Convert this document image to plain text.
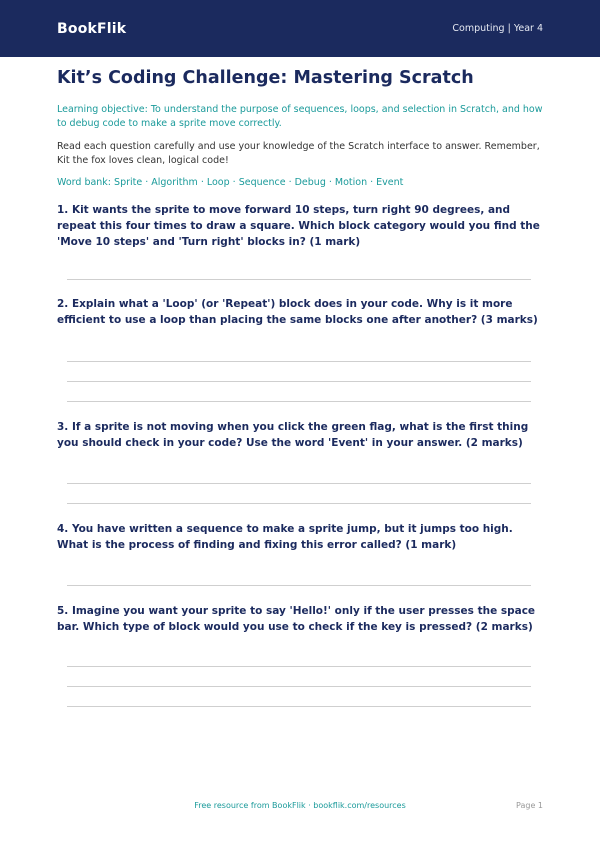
BookFlik	Computing | Year 4
Kit’s Coding Challenge: Mastering Scratch
Learning objective: To understand the purpose of sequences, loops, and selection in Scratch, and how to debug code to make a sprite move correctly.
Read each question carefully and use your knowledge of the Scratch interface to answer. Remember, Kit the fox loves clean, logical code!
Word bank: Sprite · Algorithm · Loop · Sequence · Debug · Motion · Event
1. Kit wants the sprite to move forward 10 steps, turn right 90 degrees, and repeat this four times to draw a square. Which block category would you find the 'Move 10 steps' and 'Turn right' blocks in? (1 mark)
2. Explain what a 'Loop' (or 'Repeat') block does in your code. Why is it more efficient to use a loop than placing the same blocks one after another? (3 marks)
3. If a sprite is not moving when you click the green flag, what is the first thing you should check in your code? Use the word 'Event' in your answer. (2 marks)
4. You have written a sequence to make a sprite jump, but it jumps too high. What is the process of finding and fixing this error called? (1 mark)
5. Imagine you want your sprite to say 'Hello!' only if the user presses the space bar. Which type of block would you use to check if the key is pressed? (2 marks)
Free resource from BookFlik · bookflik.com/resources	Page 1
